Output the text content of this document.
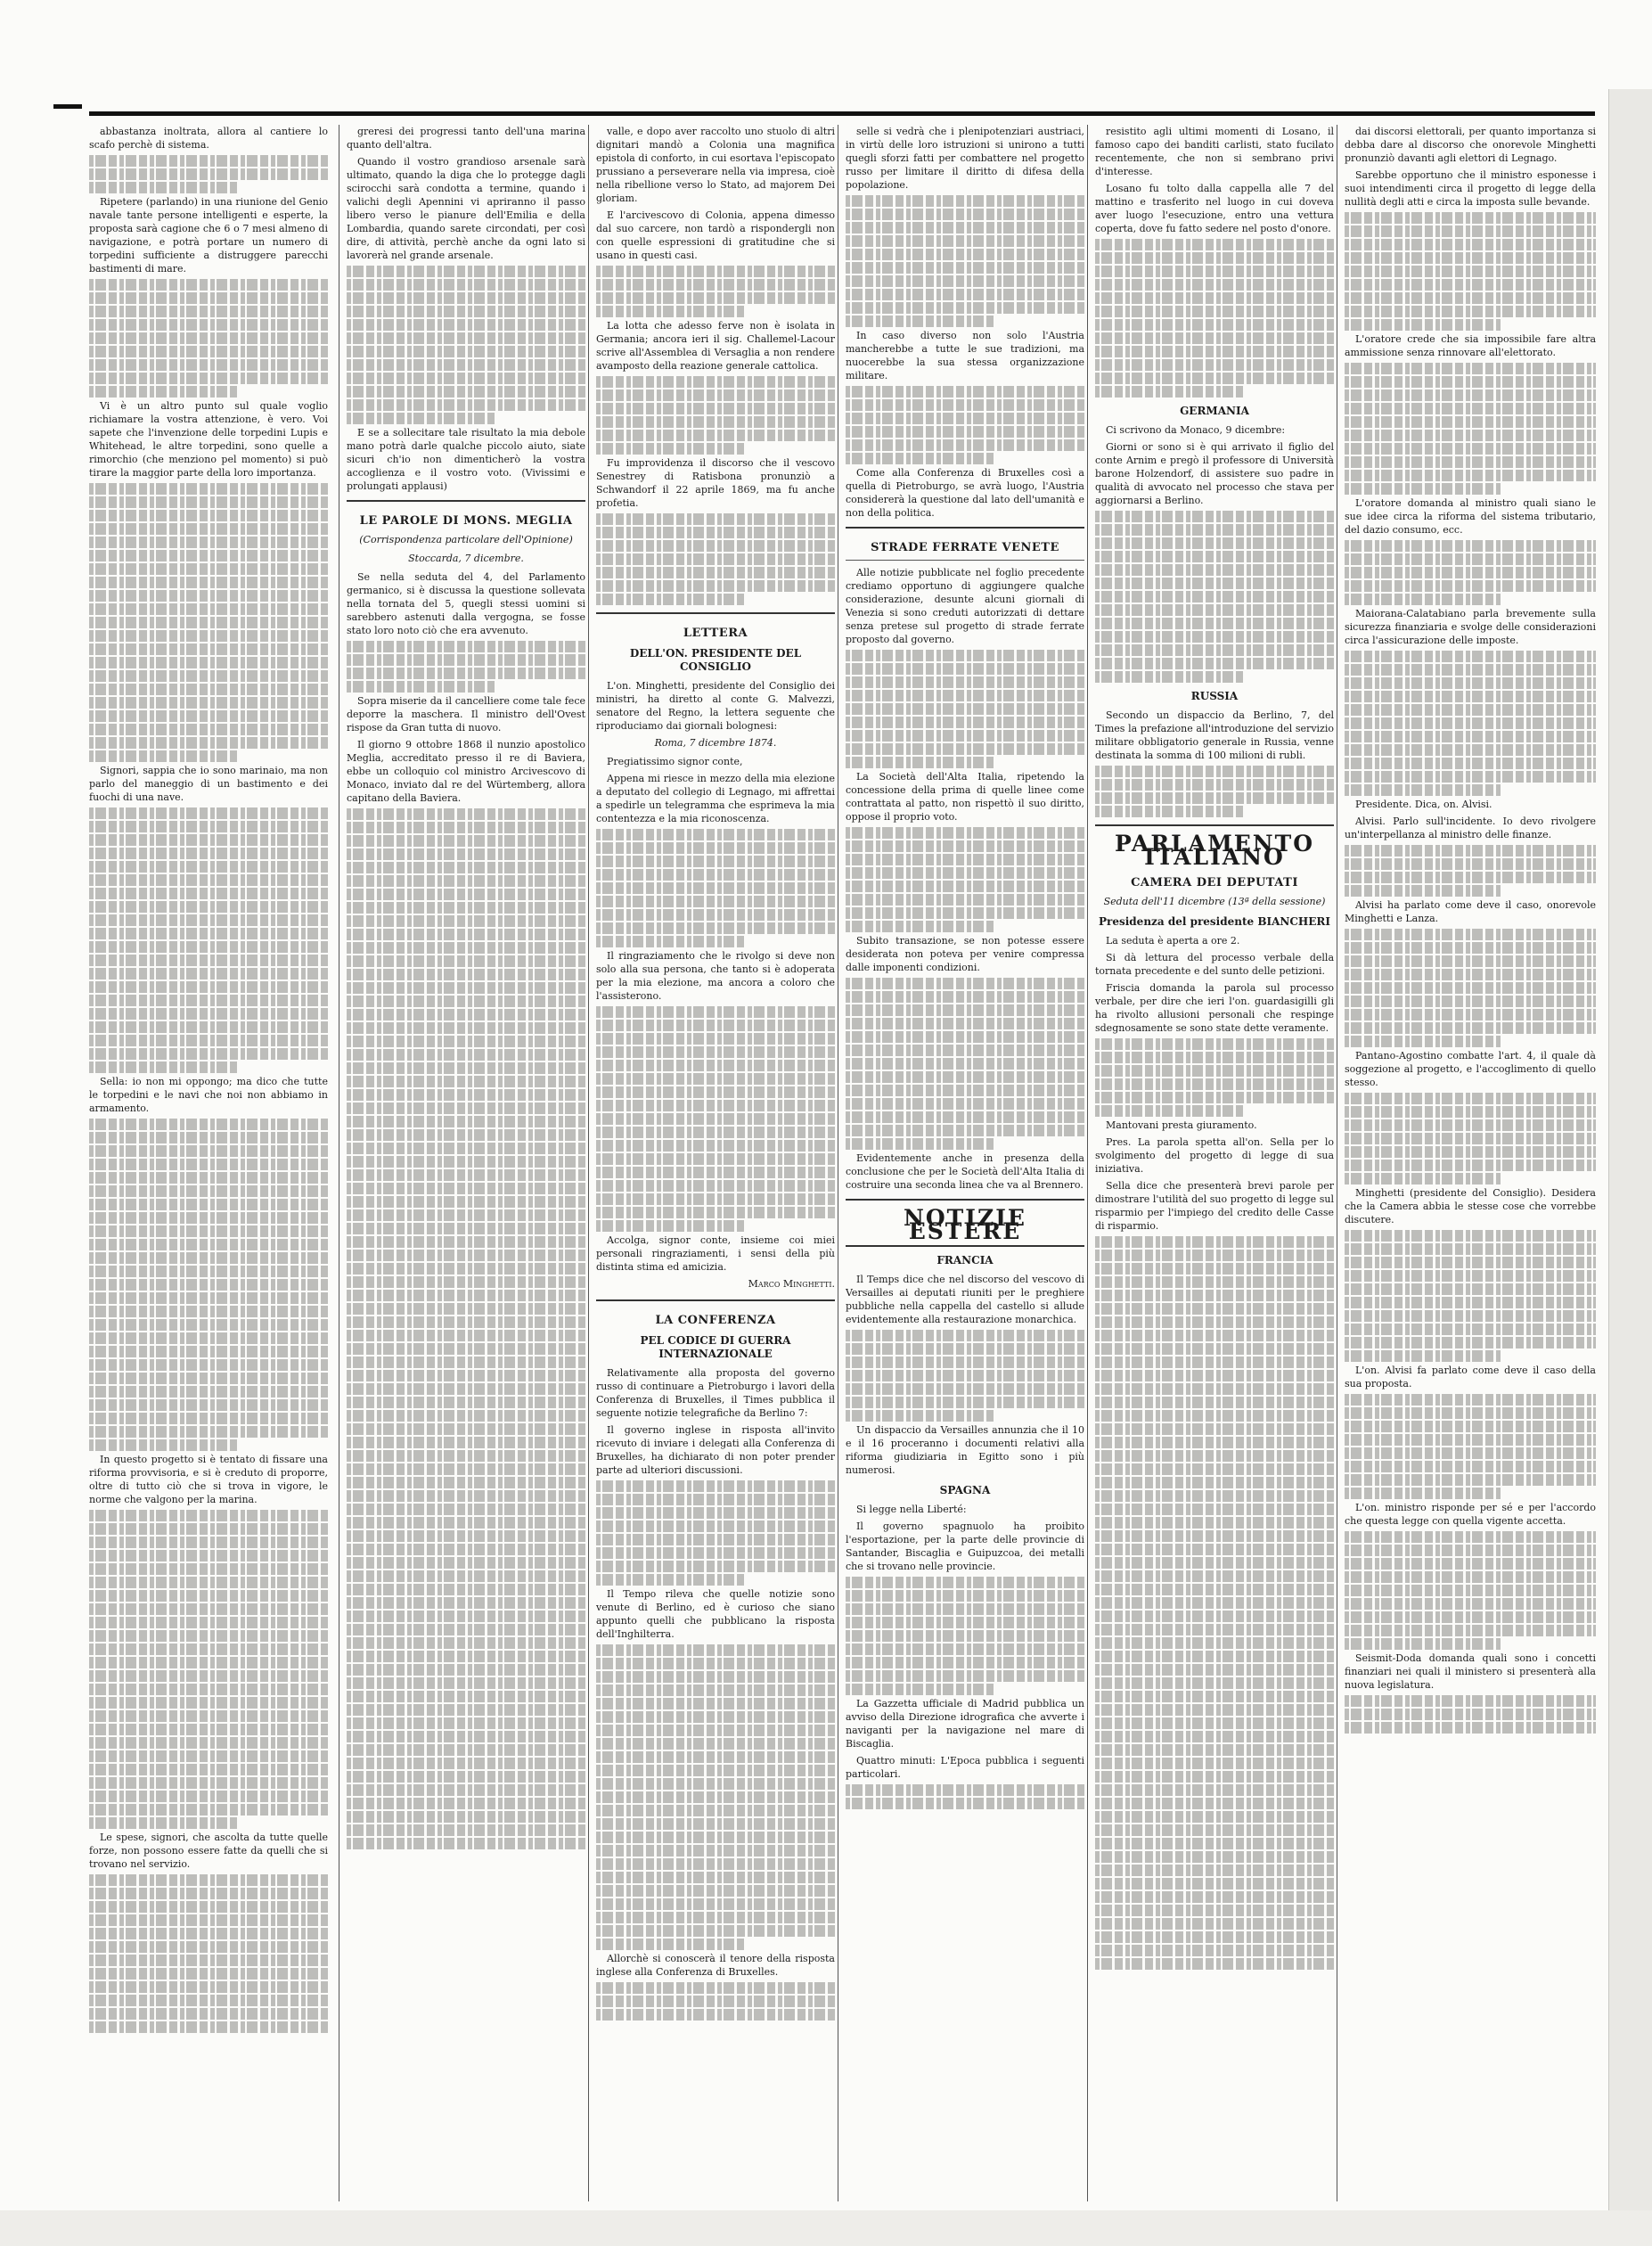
abbastanza inoltrata, allora al cantiere lo scafo perchè di sistema.

Ripetere (parlando) in una riunione del Genio navale tante persone intelligenti e esperte, la proposta sarà cagione che 6 o 7 mesi almeno di navigazione, e potrà portare un numero di torpedini sufficiente a distruggere parecchi bastimenti di mare.

Vi è un altro punto sul quale voglio richiamare la vostra attenzione, è vero. Voi sapete che l'invenzione delle torpedini Lupis e Whitehead, le altre torpedini, sono quelle a rimorchio (che menziono pel momento) si può tirare la maggior parte della loro importanza.

Signori, sappia che io sono marinaio, ma non parlo del maneggio di un bastimento e dei fuochi di una nave.

Sella: io non mi oppongo; ma dico che tutte le torpedini e le navi che noi non abbiamo in armamento.

In questo progetto si è tentato di fissare una riforma provvisoria, e si è creduto di proporre, oltre di tutto ciò che si trova in vigore, le norme che valgono per la marina.

Le spese, signori, che ascolta da tutte quelle forze, non possono essere fatte da quelli che si trovano nel servizio.

greresi dei progressi tanto dell'una marina quanto dell'altra.

Quando il vostro grandioso arsenale sarà ultimato, quando la diga che lo protegge dagli scirocchi sarà condotta a termine, quando i valichi degli Apennini vi apriranno il passo libero verso le pianure dell'Emilia e della Lombardia, quando sarete circondati, per così dire, di attività, perchè anche da ogni lato si lavorerà nel grande arsenale.

E se a sollecitare tale risultato la mia debole mano potrà darle qualche piccolo aiuto, siate sicuri ch'io non dimenticherò la vostra accoglienza e il vostro voto. (Vivissimi e prolungati applausi)

LE PAROLE DI MONS. MEGLIA
(Corrispondenza particolare dell'Opinione)
Stoccarda, 7 dicembre.

Se nella seduta del 4, del Parlamento germanico, si è discussa la questione sollevata nella tornata del 5, quegli stessi uomini si sarebbero astenuti dalla vergogna, se fosse stato loro noto ciò che era avvenuto.

Sopra miserie da il cancelliere come tale fece deporre la maschera. Il ministro dell'Ovest rispose da Gran tutta di nuovo.

Il giorno 9 ottobre 1868 il nunzio apostolico Meglia, accreditato presso il re di Baviera, ebbe un colloquio col ministro Arcivescovo di Monaco, inviato dal re del Würtemberg, allora capitano della Baviera.

valle, e dopo aver raccolto uno stuolo di altri dignitari mandò a Colonia una magnifica epistola di conforto, in cui esortava l'episcopato prussiano a perseverare nella via impresa, cioè nella ribellione verso lo Stato, ad majorem Dei gloriam.

E l'arcivescovo di Colonia, appena dimesso dal suo carcere, non tardò a rispondergli non con quelle espressioni di gratitudine che si usano in questi casi.

La lotta che adesso ferve non è isolata in Germania; ancora ieri il sig. Challemel-Lacour scrive all'Assemblea di Versaglia a non rendere avamposto della reazione generale cattolica.

Fu improvidenza il discorso che il vescovo Senestrey di Ratisbona pronunziò a Schwandorf il 22 aprile 1869, ma fu anche profetia.

LETTERA
DELL'ON. PRESIDENTE DEL CONSIGLIO

L'on. Minghetti, presidente del Consiglio dei ministri, ha diretto al conte G. Malvezzi, senatore del Regno, la lettera seguente che riproduciamo dai giornali bolognesi:

Roma, 7 dicembre 1874.

Pregiatissimo signor conte,

Appena mi riesce in mezzo della mia elezione a deputato del collegio di Legnago, mi affrettai a spedirle un telegramma che esprimeva la mia contentezza e la mia riconoscenza.

Il ringraziamento che le rivolgo si deve non solo alla sua persona, che tanto si è adoperata per la mia elezione, ma ancora a coloro che l'assisterono.

Accolga, signor conte, insieme coi miei personali ringraziamenti, i sensi della più distinta stima ed amicizia.

Marco Minghetti.
LA CONFERENZA
PEL CODICE DI GUERRA INTERNAZIONALE

Relativamente alla proposta del governo russo di continuare a Pietroburgo i lavori della Conferenza di Bruxelles, il Times pubblica il seguente notizie telegrafiche da Berlino 7:

Il governo inglese in risposta all'invito ricevuto di inviare i delegati alla Conferenza di Bruxelles, ha dichiarato di non poter prender parte ad ulteriori discussioni.

Il Tempo rileva che quelle notizie sono venute di Berlino, ed è curioso che siano appunto quelli che pubblicano la risposta dell'Inghilterra.

Allorchè si conoscerà il tenore della risposta inglese alla Conferenza di Bruxelles.

selle si vedrà che i plenipotenziari austriaci, in virtù delle loro istruzioni si unirono a tutti quegli sforzi fatti per combattere nel progetto russo per limitare il diritto di difesa della popolazione.

In caso diverso non solo l'Austria mancherebbe a tutte le sue tradizioni, ma nuocerebbe la sua stessa organizzazione militare.

Come alla Conferenza di Bruxelles così a quella di Pietroburgo, se avrà luogo, l'Austria considererà la questione dal lato dell'umanità e non della politica.

STRADE FERRATE VENETE

Alle notizie pubblicate nel foglio precedente crediamo opportuno di aggiungere qualche considerazione, desunte alcuni giornali di Venezia si sono creduti autorizzati di dettare senza pretese sul progetto di strade ferrate proposto dal governo.

La Società dell'Alta Italia, ripetendo la concessione della prima di quelle linee come contrattata al patto, non rispettò il suo diritto, oppose il proprio voto.

Subito transazione, se non potesse essere desiderata non poteva per venire compressa dalle imponenti condizioni.

Evidentemente anche in presenza della conclusione che per le Società dell'Alta Italia di costruire una seconda linea che va al Brennero.

NOTIZIE ESTERE
FRANCIA

Il Temps dice che nel discorso del vescovo di Versailles ai deputati riuniti per le preghiere pubbliche nella cappella del castello si allude evidentemente alla restaurazione monarchica.

Un dispaccio da Versailles annunzia che il 10 e il 16 proceranno i documenti relativi alla riforma giudiziaria in Egitto sono i più numerosi.

SPAGNA

Si legge nella Liberté:

Il governo spagnuolo ha proibito l'esportazione, per la parte delle provincie di Santander, Biscaglia e Guipuzcoa, dei metalli che si trovano nelle provincie.

La Gazzetta ufficiale di Madrid pubblica un avviso della Direzione idrografica che avverte i naviganti per la navigazione nel mare di Biscaglia.

Quattro minuti: L'Epoca pubblica i seguenti particolari.

resistito agli ultimi momenti di Losano, il famoso capo dei banditi carlisti, stato fucilato recentemente, che non si sembrano privi d'interesse.

Losano fu tolto dalla cappella alle 7 del mattino e trasferito nel luogo in cui doveva aver luogo l'esecuzione, entro una vettura coperta, dove fu fatto sedere nel posto d'onore.

GERMANIA

Ci scrivono da Monaco, 9 dicembre:

Giorni or sono si è qui arrivato il figlio del conte Arnim e pregò il professore di Università barone Holzendorf, di assistere suo padre in qualità di avvocato nel processo che stava per aggiornarsi a Berlino.

RUSSIA

Secondo un dispaccio da Berlino, 7, del Times la prefazione all'introduzione del servizio militare obbligatorio generale in Russia, venne destinata la somma di 100 milioni di rubli.

PARLAMENTO ITALIANO
CAMERA DEI DEPUTATI
Seduta dell'11 dicembre (13ª della sessione)
Presidenza del presidente BIANCHERI

La seduta è aperta a ore 2.

Si dà lettura del processo verbale della tornata precedente e del sunto delle petizioni.

Friscia domanda la parola sul processo verbale, per dire che ieri l'on. guardasigilli gli ha rivolto allusioni personali che respinge sdegnosamente se sono state dette veramente.

Mantovani presta giuramento.

Pres. La parola spetta all'on. Sella per lo svolgimento del progetto di legge di sua iniziativa.

Sella dice che presenterà brevi parole per dimostrare l'utilità del suo progetto di legge sul risparmio per l'impiego del credito delle Casse di risparmio.

dai discorsi elettorali, per quanto importanza si debba dare al discorso che onorevole Minghetti pronunziò davanti agli elettori di Legnago.

Sarebbe opportuno che il ministro esponesse i suoi intendimenti circa il progetto di legge della nullità degli atti e circa la imposta sulle bevande.

L'oratore crede che sia impossibile fare altra ammissione senza rinnovare all'elettorato.

L'oratore domanda al ministro quali siano le sue idee circa la riforma del sistema tributario, del dazio consumo, ecc.

Maiorana-Calatabiano parla brevemente sulla sicurezza finanziaria e svolge delle considerazioni circa l'assicurazione delle imposte.

Presidente. Dica, on. Alvisi.

Alvisi. Parlo sull'incidente. Io devo rivolgere un'interpellanza al ministro delle finanze.

Alvisi ha parlato come deve il caso, onorevole Minghetti e Lanza.

Pantano-Agostino combatte l'art. 4, il quale dà soggezione al progetto, e l'accoglimento di quello stesso.

Minghetti (presidente del Consiglio). Desidera che la Camera abbia le stesse cose che vorrebbe discutere.

L'on. Alvisi fa parlato come deve il caso della sua proposta.

L'on. ministro risponde per sé e per l'accordo che questa legge con quella vigente accetta.

Seismit-Doda domanda quali sono i concetti finanziari nei quali il ministero si presenterà alla nuova legislatura.
